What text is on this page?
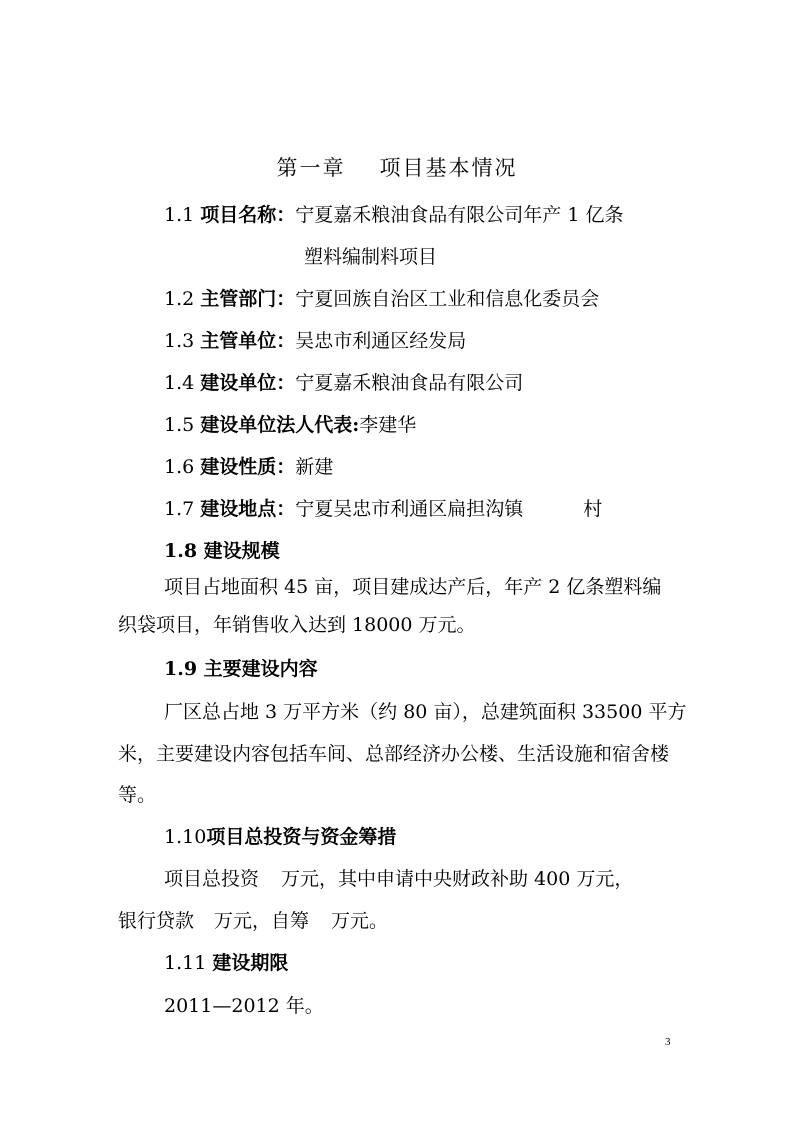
第一章 项目基本情况
1.1 项目名称：宁夏嘉禾粮油食品有限公司年产 1 亿条
塑料编制料项目
1.2 主管部门：宁夏回族自治区工业和信息化委员会
1.3 主管单位：吴忠市利通区经发局
1.4 建设单位：宁夏嘉禾粮油食品有限公司
1.5 建设单位法人代表:李建华
1.6 建设性质：新建
1.7 建设地点：宁夏吴忠市利通区扁担沟镇	村
1.8 建设规模
项目占地面积 45 亩，项目建成达产后，年产 2 亿条塑料编
织袋项目，年销售收入达到 18000 万元。
1.9 主要建设内容
厂区总占地 3 万平方米（约 80 亩），总建筑面积 33500 平方
米，主要建设内容包括车间、总部经济办公楼、生活设施和宿舍楼
等。
1.10项目总投资与资金筹措
项目总投资 万元，其中申请中央财政补助 400 万元，
银行贷款 万元，自筹 万元。
1.11 建设期限
2011—2012 年。
3
